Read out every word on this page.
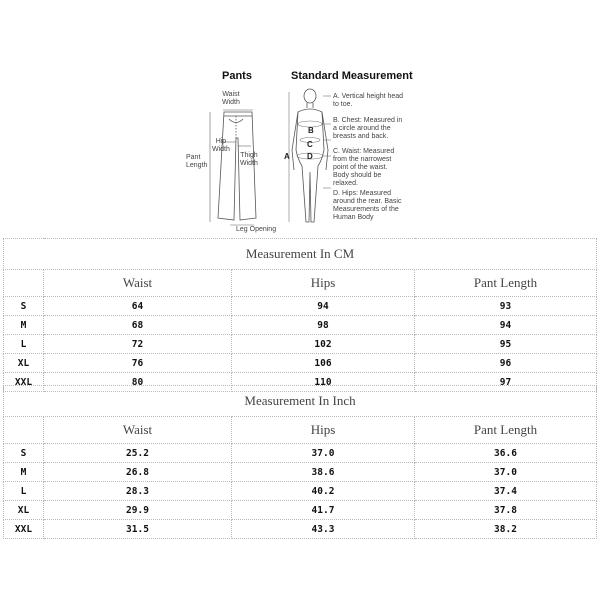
Pants	Standard Measurement
Waist
Width
Hip
Width
Thigh
Width
Pant
Length
Leg Opening
A
B
C
D
A. Vertical height head to toe.
B. Chest: Measured in a circle around the breasts and back.
C. Waist: Measured from the narrowest point of the waist. Body should be relaxed.
D. Hips: Measured around the rear. Basic Measurements of the Human Body
Measurement In CM			
	Waist	Hips	Pant Length
S	64	94	93
M	68	98	94
L	72	102	95
XL	76	106	96
XXL	80	110	97
Measurement In Inch			
	Waist	Hips	Pant Length
S	25.2	37.0	36.6
M	26.8	38.6	37.0
L	28.3	40.2	37.4
XL	29.9	41.7	37.8
XXL	31.5	43.3	38.2
